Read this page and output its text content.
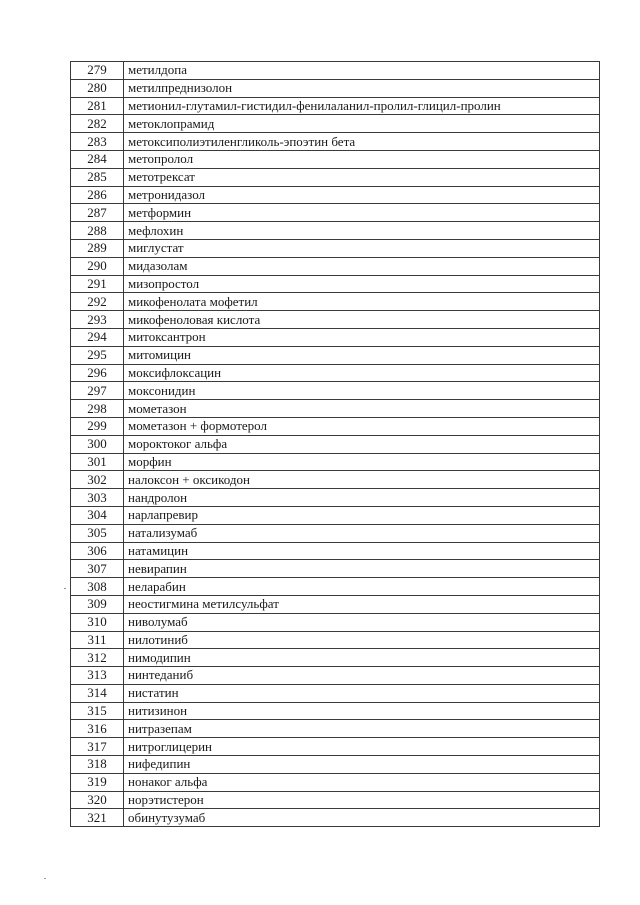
279	метилдопа
280	метилпреднизолон
281	метионил-глутамил-гистидил-фенилаланил-пролил-глицил-пролин
282	метоклопрамид
283	метоксиполиэтиленгликоль-эпоэтин бета
284	метопролол
285	метотрексат
286	метронидазол
287	метформин
288	мефлохин
289	миглустат
290	мидазолам
291	мизопростол
292	микофенолата мофетил
293	микофеноловая кислота
294	митоксантрон
295	митомицин
296	моксифлоксацин
297	моксонидин
298	мометазон
299	мометазон + формотерол
300	мороктоког альфа
301	морфин
302	налоксон + оксикодон
303	нандролон
304	нарлапревир
305	натализумаб
306	натамицин
307	невирапин
308	неларабин
309	неостигмина метилсульфат
310	ниволумаб
311	нилотиниб
312	нимодипин
313	нинтеданиб
314	нистатин
315	нитизинон
316	нитразепам
317	нитроглицерин
318	нифедипин
319	нонаког альфа
320	норэтистерон
321	обинутузумаб
